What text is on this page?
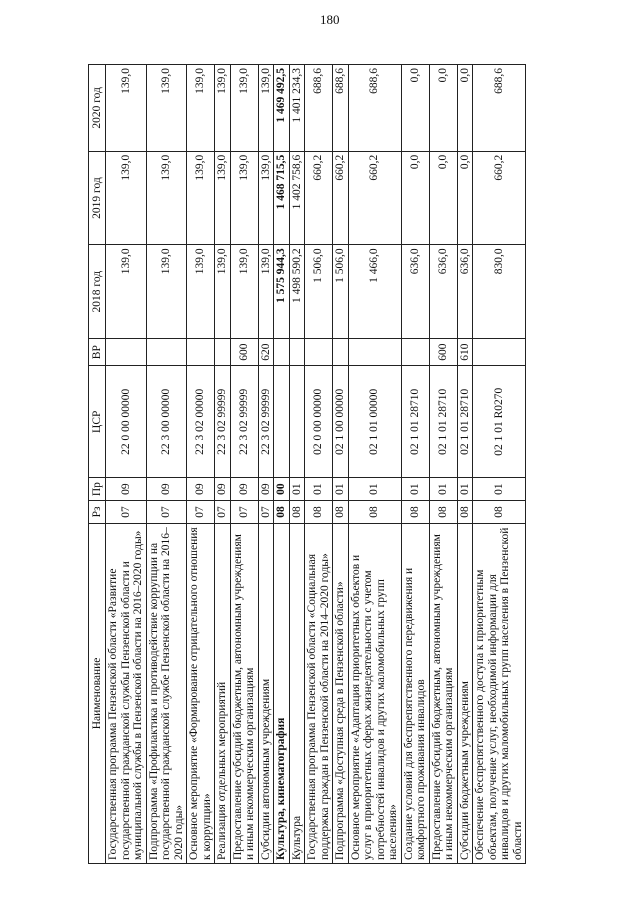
180
Наименование	Рз	Пр	ЦСР	ВР	2018 год	2019 год	2020 год
Государственная программа Пензенской области «Развитие государственной гражданской службы Пензенской области и муниципальной службы в Пензенской области на 2016–2020 годы»	07	09	22 0 00 00000		139,0	139,0	139,0
Подпрограмма «Профилактика и противодействие коррупции на государственной гражданской службе Пензенской области на 2016–2020 годы»	07	09	22 3 00 00000		139,0	139,0	139,0
Основное мероприятие «Формирование отрицательного отношения к коррупции»	07	09	22 3 02 00000		139,0	139,0	139,0
Реализация отдельных мероприятий	07	09	22 3 02 99999		139,0	139,0	139,0
Предоставление субсидий бюджетным, автономным учреждениям и иным некоммерческим организациям	07	09	22 3 02 99999	600	139,0	139,0	139,0
Субсидии автономным учреждениям	07	09	22 3 02 99999	620	139,0	139,0	139,0
Культура, кинематография	08	00			1 575 944,3	1 468 715,5	1 469 492,5
Культура	08	01			1 498 590,2	1 402 758,6	1 401 234,3
Государственная программа Пензенской области «Социальная поддержка граждан в Пензенской области на 2014–2020 годы»	08	01	02 0 00 00000		1 506,0	660,2	688,6
Подпрограмма «Доступная среда в Пензенской области»	08	01	02 1 00 00000		1 506,0	660,2	688,6
Основное мероприятие «Адаптация приоритетных объектов и услуг в приоритетных сферах жизнедеятельности с учетом потребностей инвалидов и других маломобильных групп населения»	08	01	02 1 01 00000		1 466,0	660,2	688,6
Создание условий для беспрепятственного передвижения и комфортного проживания инвалидов	08	01	02 1 01 28710		636,0	0,0	0,0
Предоставление субсидий бюджетным, автономным учреждениям и иным некоммерческим организациям	08	01	02 1 01 28710	600	636,0	0,0	0,0
Субсидии бюджетным учреждениям	08	01	02 1 01 28710	610	636,0	0,0	0,0
Обеспечение беспрепятственного доступа к приоритетным объектам, получение услуг, необходимой информации для инвалидов и других маломобильных групп населения в Пензенской области	08	01	02 1 01 R0270		830,0	660,2	688,6
